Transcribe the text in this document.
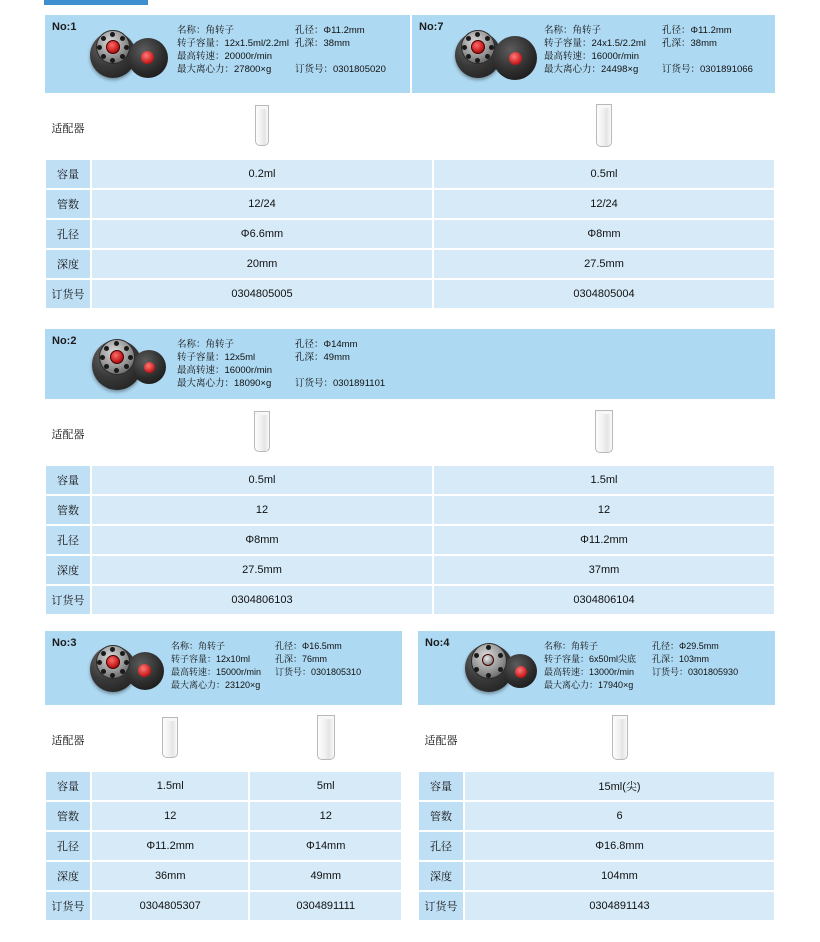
No:1	名称：角转子
转子容量：12x1.5ml/2.2ml
最高转速：20000r/min
最大离心力：27800×g
孔径：Φ11.2mm
孔深：38mm
订货号：0301805020
No:7	名称：角转子
转子容量：24x1.5/2.2ml
最高转速：16000r/min
最大离心力：24498×g
孔径：Φ11.2mm
孔深：38mm
订货号：0301891066
适配器		
容量	0.2ml	0.5ml
管数	12/24	12/24
孔径	Φ6.6mm	Φ8mm
深度	20mm	27.5mm
订货号	0304805005	0304805004
No:2	名称：角转子
转子容量：12x5ml
最高转速：16000r/min
最大离心力：18090×g
孔径：Φ14mm
孔深：49mm
订货号：0301891101
适配器		
容量	0.5ml	1.5ml
管数	12	12
孔径	Φ8mm	Φ11.2mm
深度	27.5mm	37mm
订货号	0304806103	0304806104
No:3	名称：角转子
转子容量：12x10ml
最高转速：15000r/min
最大离心力：23120×g
孔径：Φ16.5mm
孔深：76mm
订货号：0301805310
适配器		
容量	1.5ml	5ml
管数	12	12
孔径	Φ11.2mm	Φ14mm
深度	36mm	49mm
订货号	0304805307	0304891111
No:4	名称：角转子
转子容量：6x50ml尖底
最高转速：13000r/min
最大离心力：17940×g
孔径：Φ29.5mm
孔深：103mm
订货号：0301805930
适配器	
容量	15ml(尖)
管数	6
孔径	Φ16.8mm
深度	104mm
订货号	0304891143
